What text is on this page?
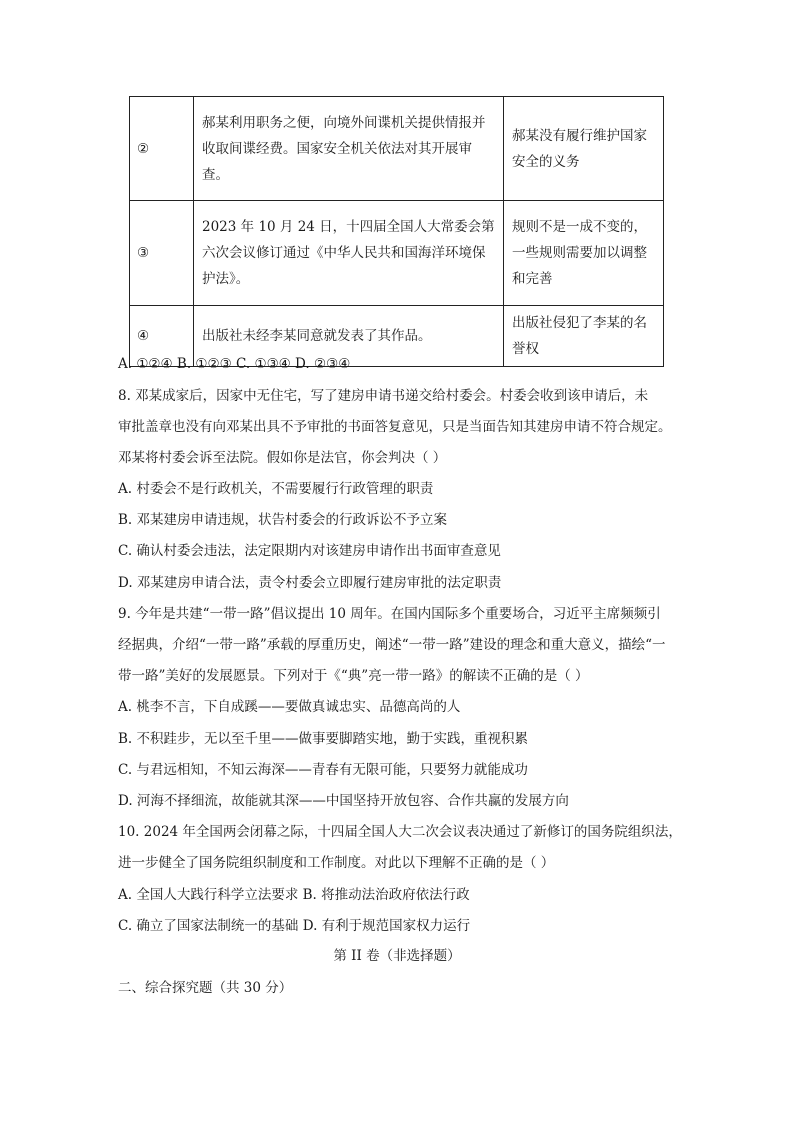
②	郝某利用职务之便，向境外间谍机关提供情报并收取间谍经费。国家安全机关依法对其开展审查。	郝某没有履行维护国家安全的义务
③	2023 年 10 月 24 日，十四届全国人大常委会第六次会议修订通过《中华人民共和国海洋环境保护法》。	规则不是一成不变的，一些规则需要加以调整和完善
④	出版社未经李某同意就发表了其作品。	出版社侵犯了李某的名誉权
A. ①②④ B. ①②③ C. ①③④ D. ②③④
8. 邓某成家后，因家中无住宅，写了建房申请书递交给村委会。村委会收到该申请后，未
审批盖章也没有向邓某出具不予审批的书面答复意见，只是当面告知其建房申请不符合规定。
邓某将村委会诉至法院。假如你是法官，你会判决（ ）
A. 村委会不是行政机关，不需要履行行政管理的职责
B. 邓某建房申请违规，状告村委会的行政诉讼不予立案
C. 确认村委会违法，法定限期内对该建房申请作出书面审查意见
D. 邓某建房申请合法，责令村委会立即履行建房审批的法定职责
9. 今年是共建“一带一路”倡议提出 10 周年。在国内国际多个重要场合，习近平主席频频引
经据典，介绍“一带一路”承载的厚重历史，阐述“一带一路”建设的理念和重大意义，描绘“一
带一路”美好的发展愿景。下列对于《“典”亮一带一路》的解读不正确的是（ ）
A. 桃李不言，下自成蹊——要做真诚忠实、品德高尚的人
B. 不积跬步，无以至千里——做事要脚踏实地，勤于实践，重视积累
C. 与君远相知，不知云海深——青春有无限可能，只要努力就能成功
D. 河海不择细流，故能就其深——中国坚持开放包容、合作共赢的发展方向
10. 2024 年全国两会闭幕之际，十四届全国人大二次会议表决通过了新修订的国务院组织法，
进一步健全了国务院组织制度和工作制度。对此以下理解不正确的是（ ）
A. 全国人大践行科学立法要求 B. 将推动法治政府依法行政
C. 确立了国家法制统一的基础 D. 有利于规范国家权力运行
第 II 卷（非选择题）
二、综合探究题（共 30 分）
